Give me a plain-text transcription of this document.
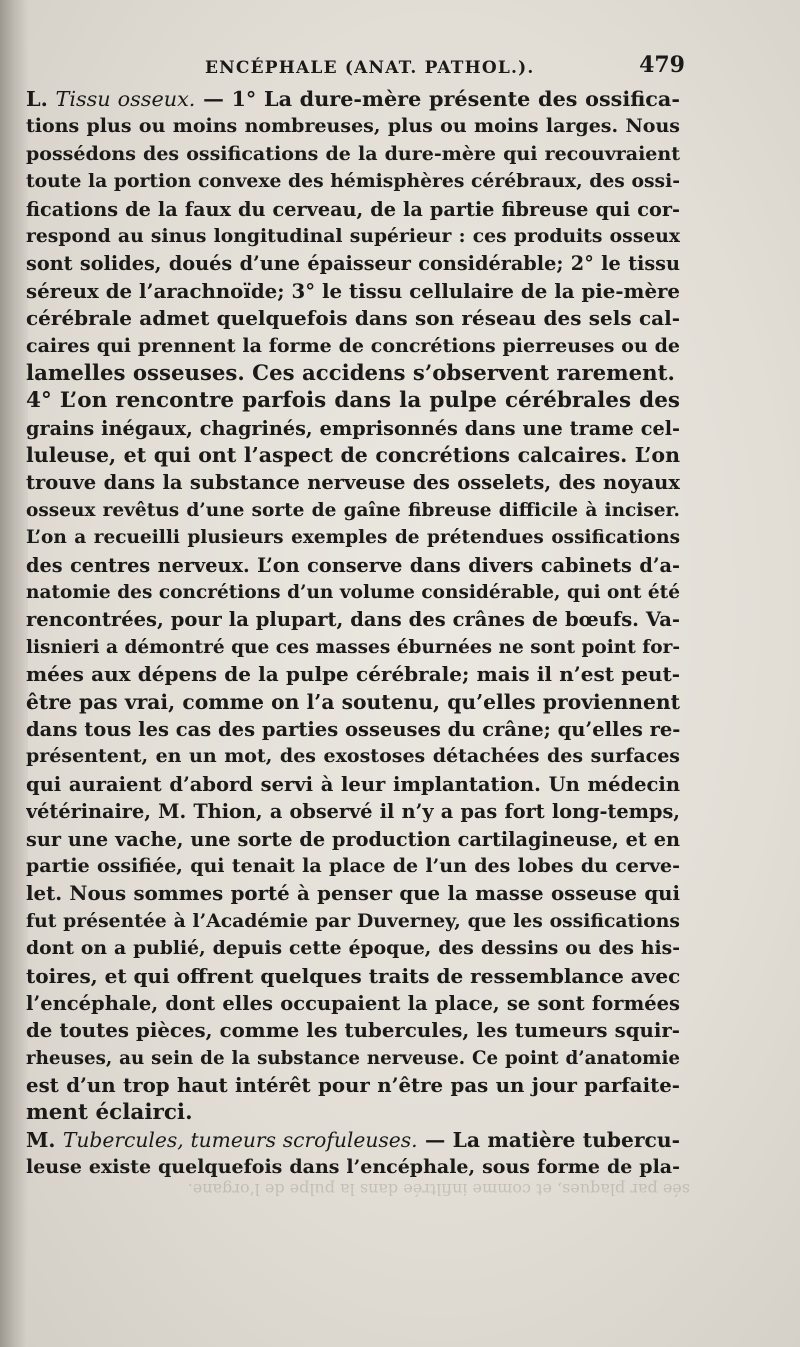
ENCÉPHALE (ANAT. PATHOL.).	479
L. Tissu osseux. — 1° La dure-mère présente des ossifica-
tions plus ou moins nombreuses, plus ou moins larges. Nous
possédons des ossifications de la dure-mère qui recouvraient
toute la portion convexe des hémisphères cérébraux, des ossi-
fications de la faux du cerveau, de la partie fibreuse qui cor-
respond au sinus longitudinal supérieur : ces produits osseux
sont solides, doués d’une épaisseur considérable; 2° le tissu
séreux de l’arachnoïde; 3° le tissu cellulaire de la pie-mère
cérébrale admet quelquefois dans son réseau des sels cal-
caires qui prennent la forme de concrétions pierreuses ou de
lamelles osseuses. Ces accidens s’observent rarement.
4° L’on rencontre parfois dans la pulpe cérébrales des
grains inégaux, chagrinés, emprisonnés dans une trame cel-
luleuse, et qui ont l’aspect de concrétions calcaires. L’on
trouve dans la substance nerveuse des osselets, des noyaux
osseux revêtus d’une sorte de gaîne fibreuse difficile à inciser.
L’on a recueilli plusieurs exemples de prétendues ossifications
des centres nerveux. L’on conserve dans divers cabinets d’a-
natomie des concrétions d’un volume considérable, qui ont été
rencontrées, pour la plupart, dans des crânes de bœufs. Va-
lisnieri a démontré que ces masses éburnées ne sont point for-
mées aux dépens de la pulpe cérébrale; mais il n’est peut-
être pas vrai, comme on l’a soutenu, qu’elles proviennent
dans tous les cas des parties osseuses du crâne; qu’elles re-
présentent, en un mot, des exostoses détachées des surfaces
qui auraient d’abord servi à leur implantation. Un médecin
vétérinaire, M. Thion, a observé il n’y a pas fort long-temps,
sur une vache, une sorte de production cartilagineuse, et en
partie ossifiée, qui tenait la place de l’un des lobes du cerve-
let. Nous sommes porté à penser que la masse osseuse qui
fut présentée à l’Académie par Duverney, que les ossifications
dont on a publié, depuis cette époque, des dessins ou des his-
toires, et qui offrent quelques traits de ressemblance avec
l’encéphale, dont elles occupaient la place, se sont formées
de toutes pièces, comme les tubercules, les tumeurs squir-
rheuses, au sein de la substance nerveuse. Ce point d’anatomie
est d’un trop haut intérêt pour n’être pas un jour parfaite-
ment éclairci.
M. Tubercules, tumeurs scrofuleuses. — La matière tubercu-
leuse existe quelquefois dans l’encéphale, sous forme de pla-
sée par plaques, et comme infiltrée dans la pulpe de l’organe.
